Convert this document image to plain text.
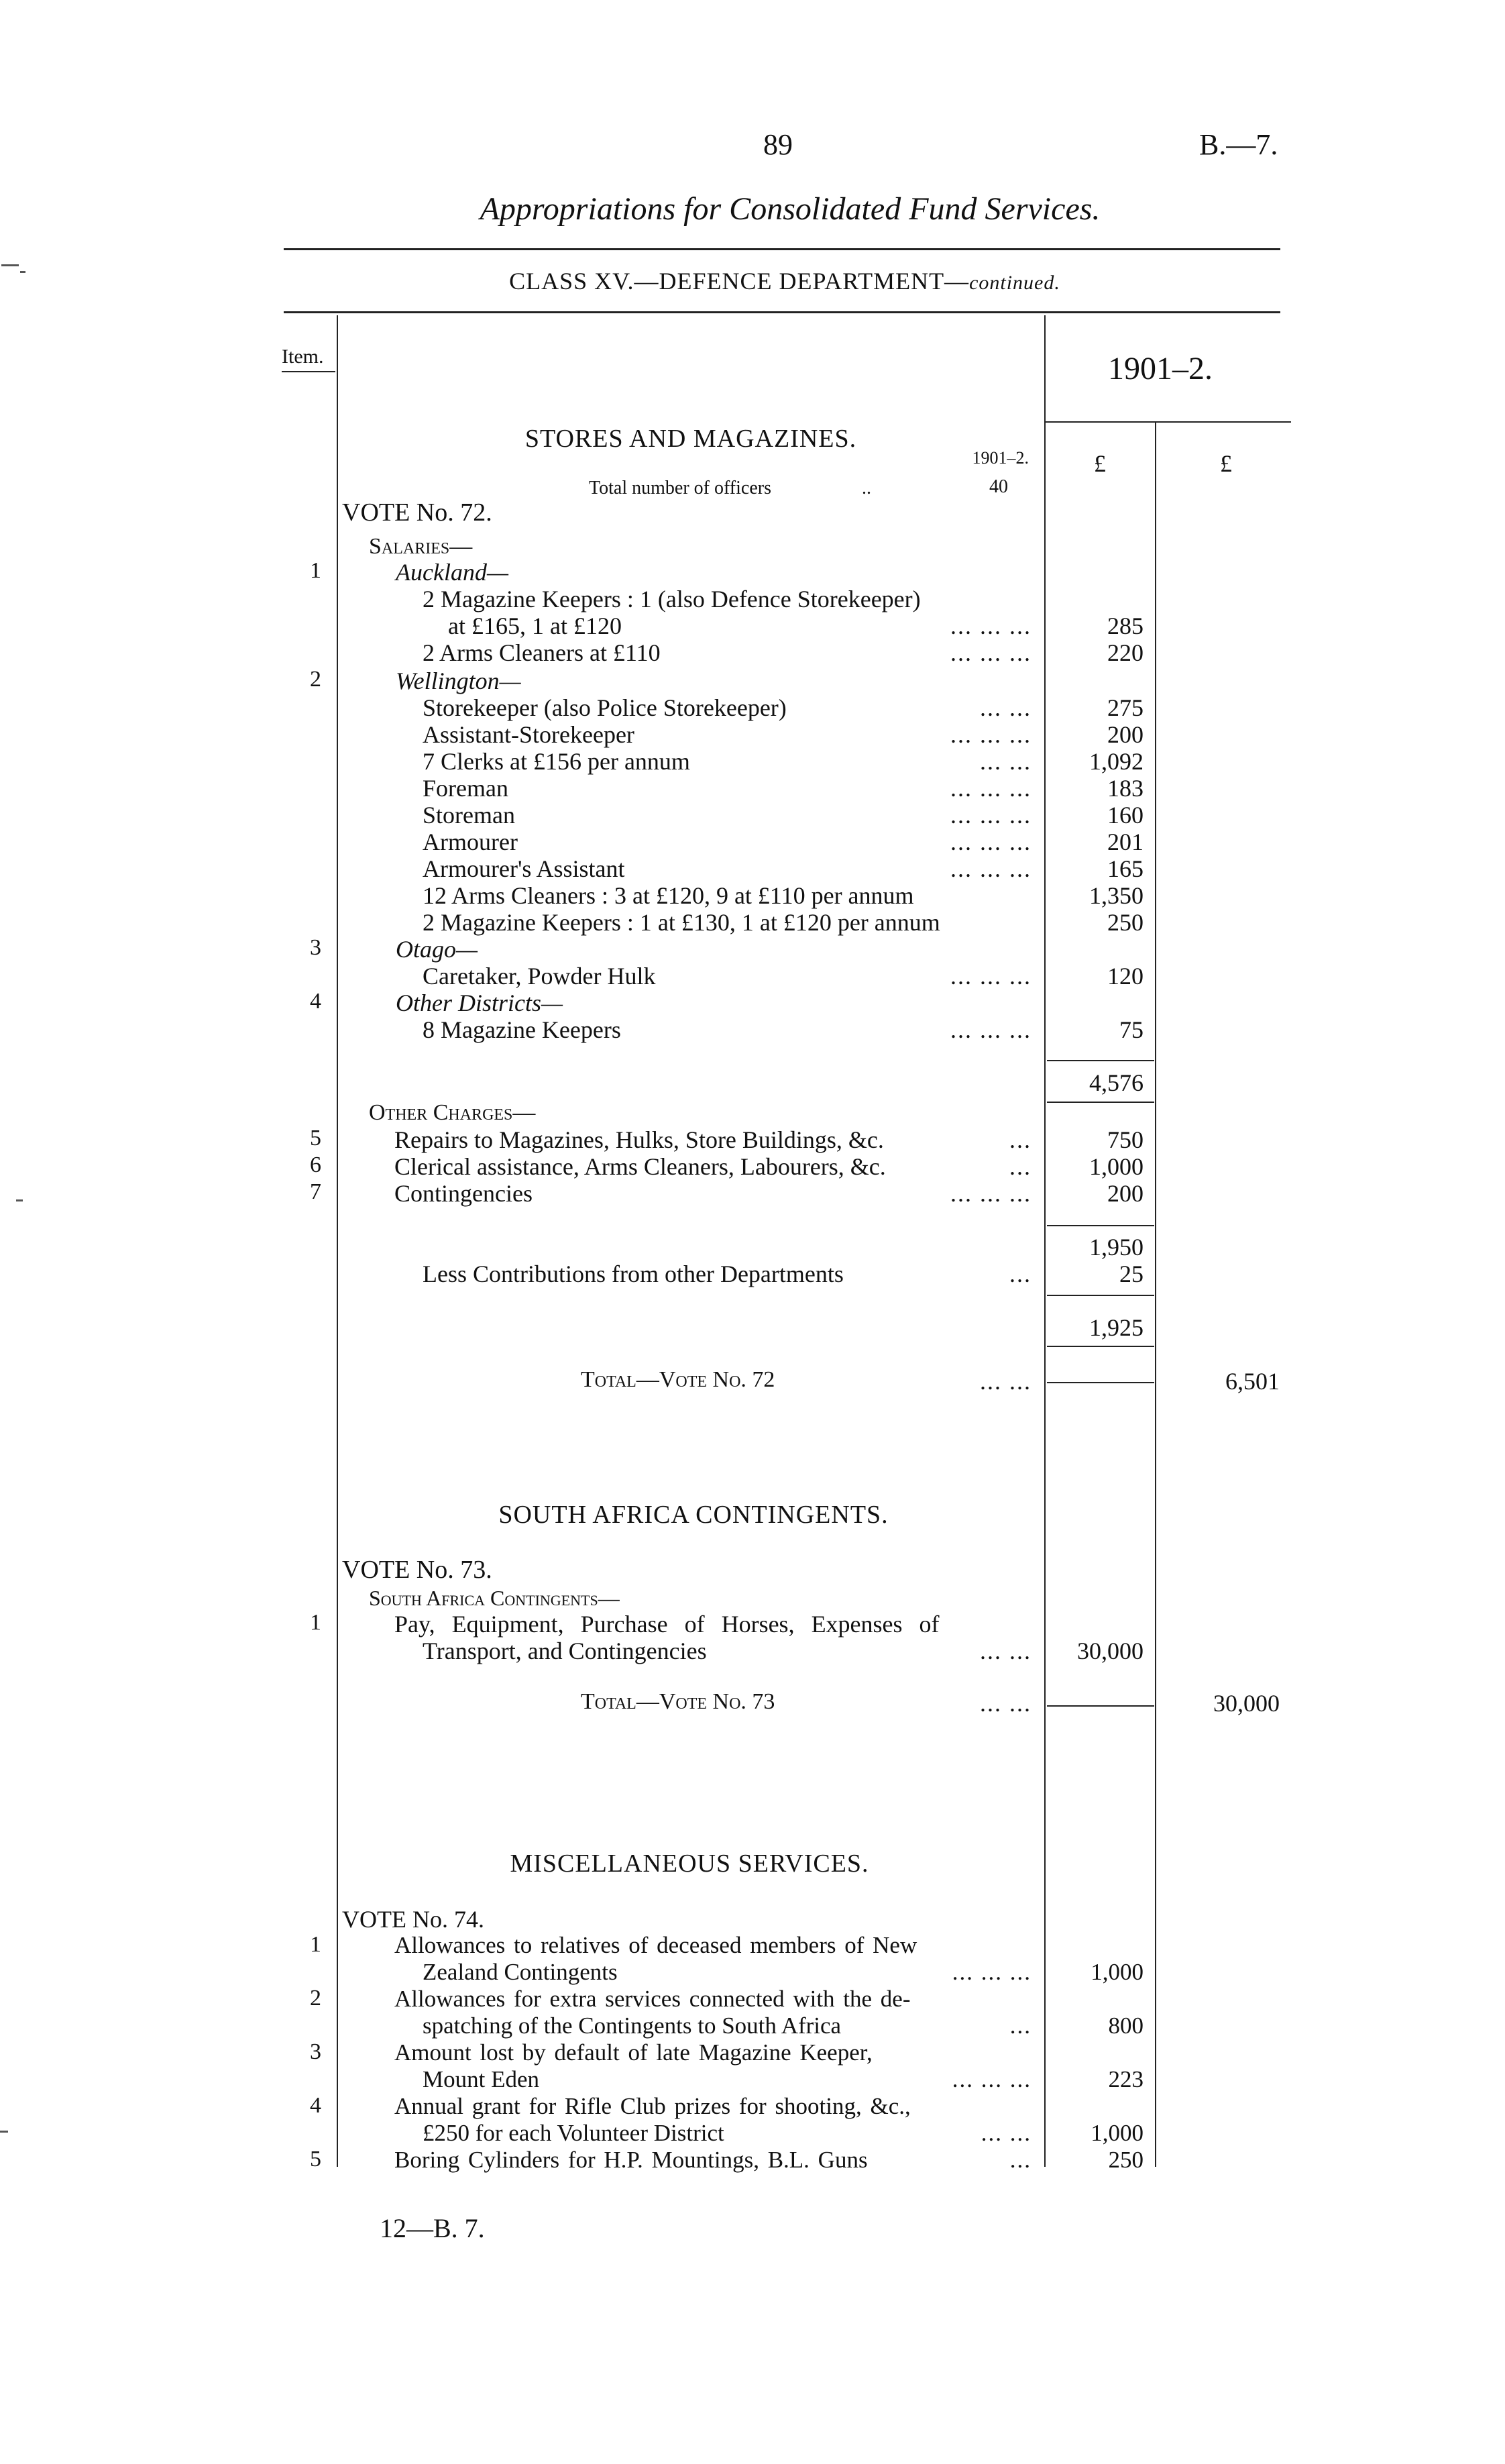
89	B.—7.
Appropriations for Consolidated Fund Services.
CLASS XV.—DEFENCE DEPARTMENT—continued.
Item.	1901–2.
£	£
STORES AND MAGAZINES.
1901–2.
Total number of officers	..	40
VOTE No. 72.
Salaries—
1	Auckland—
2 Magazine Keepers : 1 (also Defence Storekeeper)
at £165, 1 at £120	... ... ...	285
2 Arms Cleaners at £110	... ... ...	220
2	Wellington—
Storekeeper (also Police Storekeeper)	... ...	275
Assistant-Storekeeper	... ... ...	200
7 Clerks at £156 per annum	... ... 1,092
Foreman	... ... ...	183
Storeman	... ... ...	160
Armourer	... ... ...	201
Armourer's Assistant	... ... ...	165
12 Arms Cleaners : 3 at £120, 9 at £110 per annum	1,350
2 Magazine Keepers : 1 at £130, 1 at £120 per annum	250
3	Otago—
Caretaker, Powder Hulk	... ... ...	120
4	Other Districts—
8 Magazine Keepers	... ... ...	75
4,576
Other Charges—
5	Repairs to Magazines, Hulks, Store Buildings, &c.	...	750
6	Clerical assistance, Arms Cleaners, Labourers, &c.	... 1,000
7	Contingencies	... ... ...	200
1,950
Less Contributions from other Departments	...	25
1,925
Total—Vote No. 72	... ...	6,501
SOUTH AFRICA CONTINGENTS.
VOTE No. 73.
South Africa Contingents—
1	Pay, Equipment, Purchase of Horses, Expenses of
Transport, and Contingencies	... ... 30,000
Total—Vote No. 73	... ...	30,000
MISCELLANEOUS SERVICES.
VOTE No. 74.
1	Allowances to relatives of deceased members of New
Zealand Contingents	... ... ...	1,000
2	Allowances for extra services connected with the de-
spatching of the Contingents to South Africa	...	800
3	Amount lost by default of late Magazine Keeper,
Mount Eden	... ... ...	223
4	Annual grant for Rifle Club prizes for shooting, &c.,
£250 for each Volunteer District	... ...	1,000
5	Boring Cylinders for H.P. Mountings, B.L. Guns	...	250
12—B. 7.
